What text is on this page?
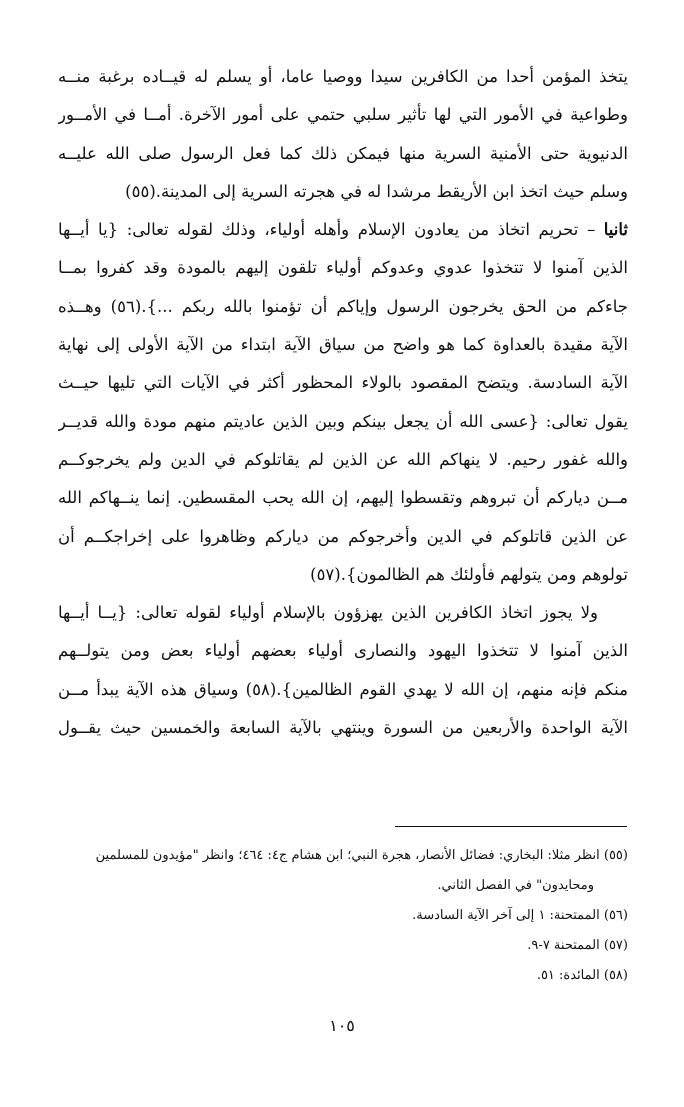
يتخذ المؤمن أحدا من الكافرين سيدا ووصيا عاما، أو يسلم له قيــاده برغبة منــه
وطواعية في الأمور التي لها تأثير سلبي حتمي على أمور الآخرة. أمــا في الأمــور
الدنيوية حتى الأمنية السرية منها فيمكن ذلك كما فعل الرسول صلى الله عليــه
وسلم حيث اتخذ ابن الأريقط مرشدا له في هجرته السرية إلى المدينة.(٥٥)
ثانيا – تحريم اتخاذ من يعادون الإسلام وأهله أولياء، وذلك لقوله تعالى: {يا أيــها
الذين آمنوا لا تتخذوا عدوي وعدوكم أولياء تلقون إليهم بالمودة وقد كفروا بمــا
جاءكم من الحق يخرجون الرسول وإياكم أن تؤمنوا بالله ربكم ...}.(٥٦) وهــذه
الآية مقيدة بالعداوة كما هو واضح من سياق الآية ابتداء من الآية الأولى إلى نهاية
الآية السادسة. ويتضح المقصود بالولاء المحظور أكثر في الآيات التي تليها حيــث
يقول تعالى: {عسى الله أن يجعل بينكم وبين الذين عاديتم منهم مودة والله قديــر
والله غفور رحيم. لا ينهاكم الله عن الذين لم يقاتلوكم في الدين ولم يخرجوكــم
مــن دياركم أن تبروهم وتقسطوا إليهم، إن الله يحب المقسطين. إنما ينــهاكم الله
عن الذين قاتلوكم في الدين وأخرجوكم من دياركم وظاهروا على إخراجكــم أن
تولوهم ومن يتولهم فأولئك هم الظالمون}.(٥٧)
ولا يجوز اتخاذ الكافرين الذين يهزؤون بالإسلام أولياء لقوله تعالى: {يــا أيــها
الذين آمنوا لا تتخذوا اليهود والنصارى أولياء بعضهم أولياء بعض ومن يتولــهم
منكم فإنه منهم، إن الله لا يهدي القوم الظالمين}.(٥٨) وسياق هذه الآية يبدأ مــن
الآية الواحدة والأربعين من السورة وينتهي بالآية السابعة والخمسين حيث يقــول
(٥٥) انظر مثلا: البخاري: فضائل الأنصار، هجرة النبي؛ ابن هشام ج٤: ٤٦٤؛ وانظر "مؤيدون للمسلمين
ومحايدون" في الفصل الثاني.
(٥٦) الممتحنة: ١ إلى آخر الآية السادسة.
(٥٧) الممتحنة ٧-٩.
(٥٨) المائدة: ٥١.
١٠٥
